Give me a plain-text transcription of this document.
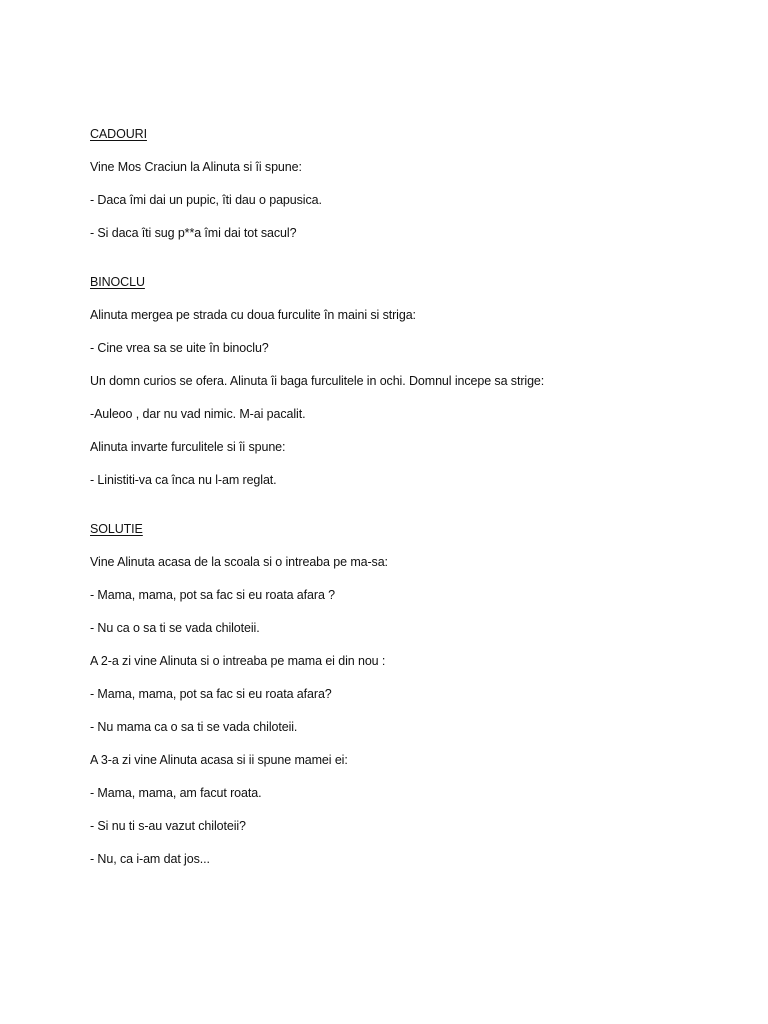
CADOURI
Vine Mos Craciun la Alinuta si îi spune:
- Daca îmi dai un pupic, îti dau o papusica.
- Si daca îti sug p**a îmi dai tot sacul?
BINOCLU
Alinuta mergea pe strada cu doua furculite în maini si striga:
- Cine vrea sa se uite în binoclu?
Un domn curios se ofera. Alinuta îi baga furculitele in ochi. Domnul incepe sa strige:
-Auleoo , dar nu vad nimic. M-ai pacalit.
Alinuta invarte furculitele si îi spune:
- Linistiti-va ca înca nu l-am reglat.
SOLUTIE
Vine Alinuta acasa de la scoala si o intreaba pe ma-sa:
- Mama, mama, pot sa fac si eu roata afara ?
- Nu ca o sa ti se vada chiloteii.
A 2-a zi vine Alinuta si o intreaba pe mama ei din nou :
- Mama, mama, pot sa fac si eu roata afara?
- Nu mama ca o sa ti se vada chiloteii.
A 3-a zi vine Alinuta acasa si ii spune mamei ei:
- Mama, mama, am facut roata.
- Si nu ti s-au vazut chiloteii?
- Nu, ca i-am dat jos...
